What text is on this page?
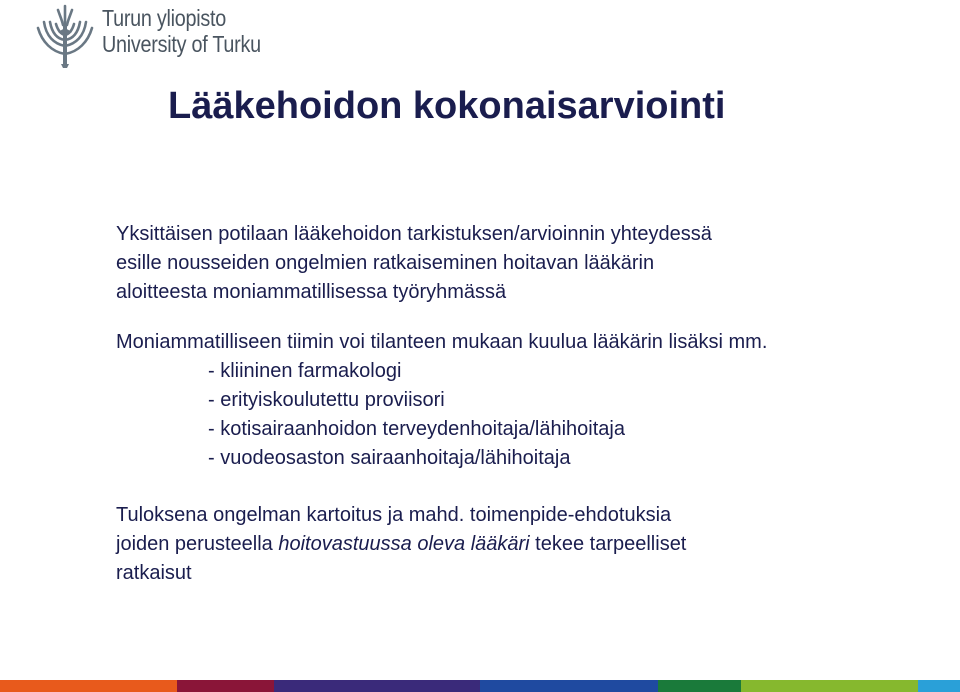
Turun yliopisto
University of Turku
Lääkehoidon kokonaisarviointi

Yksittäisen potilaan lääkehoidon tarkistuksen/arvioinnin yhteydessä

esille nousseiden ongelmien ratkaiseminen hoitavan lääkärin

aloitteesta moniammatillisessa työryhmässä

Moniammatilliseen tiimin voi tilanteen mukaan kuulua lääkärin lisäksi mm.

- kliininen farmakologi
- erityiskoulutettu proviisori
- kotisairaanhoidon terveydenhoitaja/lähihoitaja
- vuodeosaston sairaanhoitaja/lähihoitaja

Tuloksena ongelman kartoitus ja mahd. toimenpide-ehdotuksia

joiden perusteella hoitovastuussa oleva lääkäri tekee tarpeelliset

ratkaisut
